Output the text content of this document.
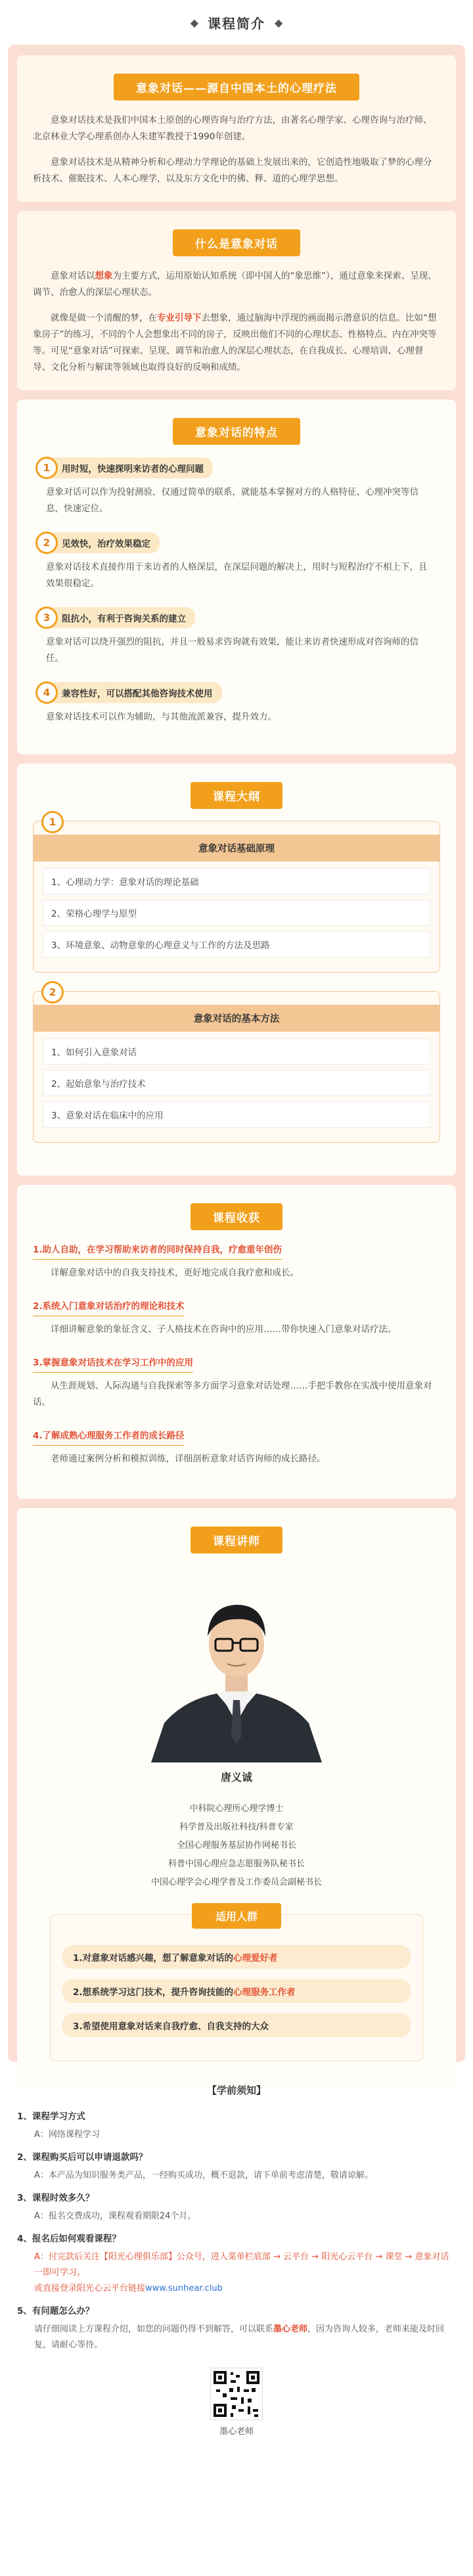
◆ 课程简介 ◆
意象对话——源自中国本土的心理疗法

意象对话技术是我们中国本土原创的心理咨询与治疗方法，由著名心理学家、心理咨询与治疗师、北京林业大学心理系创办人朱建军教授于1990年创建。

意象对话技术是从精神分析和心理动力学理论的基础上发展出来的，它创造性地吸取了梦的心理分析技术、催眠技术、人本心理学，以及东方文化中的佛、释、道的心理学思想。

什么是意象对话

意象对话以想象为主要方式，运用原始认知系统（即中国人的“象思维”），通过意象来探索、呈现、调节、治愈人的深层心理状态。

就像是做一个清醒的梦，在专业引导下去想象，通过脑海中浮现的画面揭示潜意识的信息。比如“想象房子”的练习，不同的个人会想象出不同的房子，反映出他们不同的心理状态、性格特点、内在冲突等等。可见“意象对话”可探索、呈现、调节和治愈人的深层心理状态，在自我成长、心理培训、心理督导、文化分析与解读等领域也取得良好的反响和成绩。

意象对话的特点
1	用时短，快速探明来访者的心理问题
意象对话可以作为投射测验，仅通过简单的联系，就能基本掌握对方的人格特征、心理冲突等信息，快速定位。
2	见效快，治疗效果稳定
意象对话技术直接作用于来访者的人格深层，在深层问题的解决上，用时与短程治疗不相上下，且效果很稳定。
3	阻抗小，有利于咨询关系的建立
意象对话可以绕开强烈的阻抗，并且一般易求咨询就有效果，能让来访者快速形成对咨询师的信任。
4	兼容性好，可以搭配其他咨询技术使用
意象对话技术可以作为辅助，与其他流派兼容，提升效力。
课程大纲
1
意象对话基础原理
1、心理动力学：意象对话的理论基础
2、荣格心理学与原型
3、环境意象、动物意象的心理意义与工作的方法及思路
2
意象对话的基本方法
1、如何引入意象对话
2、起始意象与治疗技术
3、意象对话在临床中的应用
课程收获
1.助人自助，在学习帮助来访者的同时保持自我，疗愈重年创伤
详解意象对话中的自我支持技术，更好地完成自我疗愈和成长。
2.系统入门意象对话治疗的理论和技术
详细讲解意象的象征含义、子人格技术在咨询中的应用……带你快速入门意象对话疗法。
3.掌握意象对话技术在学习工作中的应用
从生涯规划、人际沟通与自我探索等多方面学习意象对话处理……手把手教你在实战中使用意象对话。
4.了解成熟心理服务工作者的成长路径
老师通过案例分析和模拟训练，详细剖析意象对话咨询师的成长路径。
课程讲师
唐义诚
中科院心理所心理学博士
科学普及出版社科技/科普专家
全国心理服务基层协作网秘书长
科普中国心理应急志愿服务队秘书长
中国心理学会心理学普及工作委员会副秘书长
适用人群
1.对意象对话感兴趣，想了解意象对话的心理爱好者
2.想系统学习这门技术，提升咨询技能的心理服务工作者
3.希望使用意象对话来自我疗愈、自我支持的大众
【学前须知】
1、课程学习方式
A：网络课程学习
2、课程购买后可以申请退款吗？
A：本产品为知识服务类产品，一经购买成功，概不退款，请下单前考虑清楚，敬请谅解。
3、课程时效多久？
A：报名交费成功，课程观看期限24个月。
4、报名后如何观看课程？
A：付完款后关注【阳光心理俱乐部】公众号，进入菜单栏底部 → 云平台 → 阳光心云平台 → 课堂 → 意象对话一即可学习。
或直接登录阳光心云平台链接www.sunhear.club
5、有问题怎么办？
请仔细阅读上方课程介绍，如您的问题仍得不到解答，可以联系墨心老师，因为咨询人较多，老师来能及时回复，请耐心等待。
墨心老师
